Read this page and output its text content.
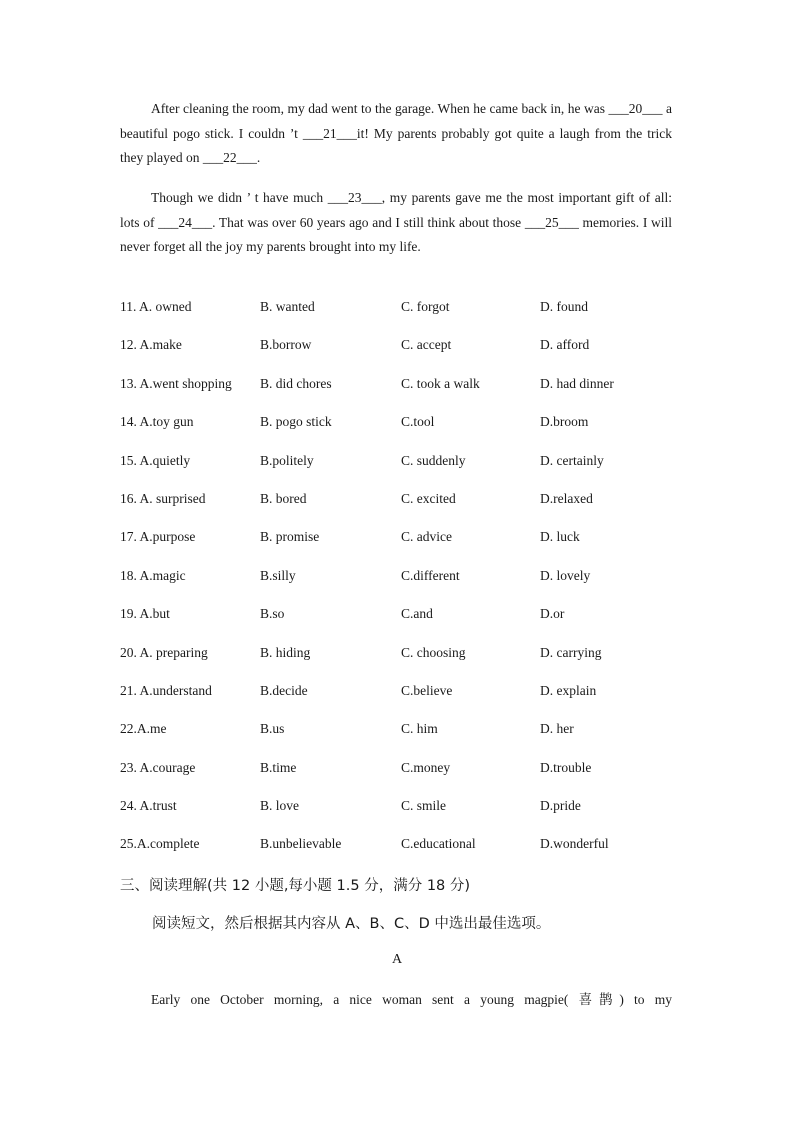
After cleaning the room, my dad went to the garage. When he came back in, he was ___20___ a beautiful pogo stick. I couldn ’t ___21___it! My parents probably got quite a laugh from the trick they played on ___22___.

Though we didn ’ t have much ___23___, my parents gave me the most important gift of all: lots of ___24___. That was over 60 years ago and I still think about those ___25___ memories. I will never forget all the joy my parents brought into my life.

11. A. owned	B. wanted	C. forgot	D. found
12. A.make	B.borrow	C. accept	D. afford
13. A.went shopping	B. did chores	C. took a walk	D. had dinner
14. A.toy gun	B. pogo stick	C.tool	D.broom
15. A.quietly	B.politely	C. suddenly	D. certainly
16. A. surprised	B. bored	C. excited	D.relaxed
17. A.purpose	B. promise	C. advice	D. luck
18. A.magic	B.silly	C.different	D. lovely
19. A.but	B.so	C.and	D.or
20. A. preparing	B. hiding	C. choosing	D. carrying
21. A.understand	B.decide	C.believe	D. explain
22.A.me	B.us	C. him	D. her
23. A.courage	B.time	C.money	D.trouble
24. A.trust	B. love	C. smile	D.pride
25.A.complete	B.unbelievable	C.educational	D.wonderful
三、阅读理解(共 12 小题,每小题 1.5 分，满分 18 分)
阅读短文，然后根据其内容从 A、B、C、D 中选出最佳选项。
A

Early one October morning, a nice woman sent a young magpie( 喜鹊) to my
